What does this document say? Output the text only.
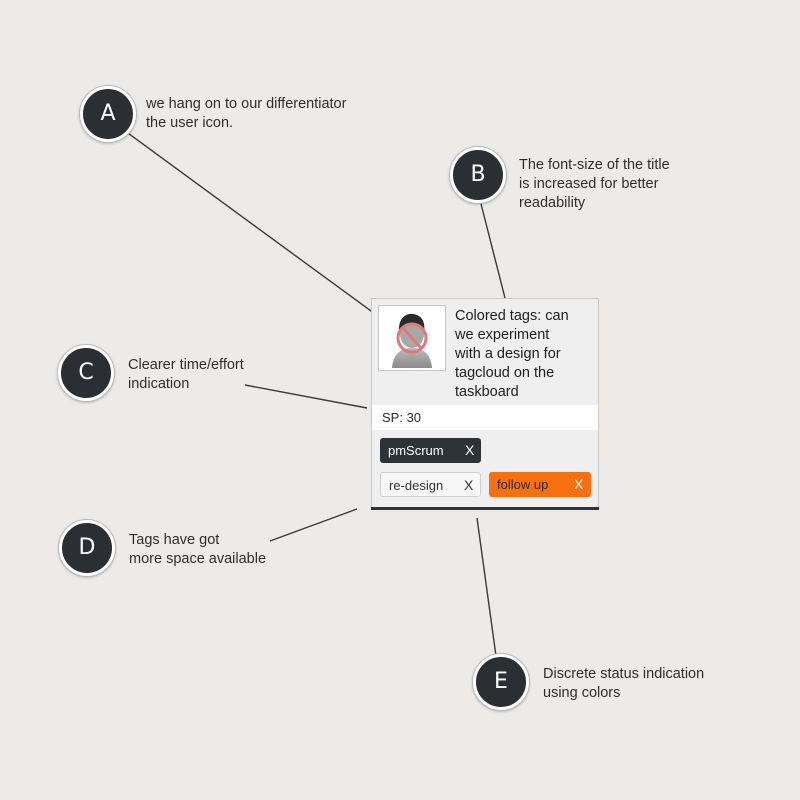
A	we hang on to our differentiator
the user icon.
B	The font-size of the title
is increased for better
readability
C	Clearer time/effort
indication
D	Tags have got
more space available
E	Discrete status indication
using colors
Colored tags: can
we experiment
with a design for
tagcloud on the
taskboard
SP: 30
pmScrum X
re-design X follow up X
